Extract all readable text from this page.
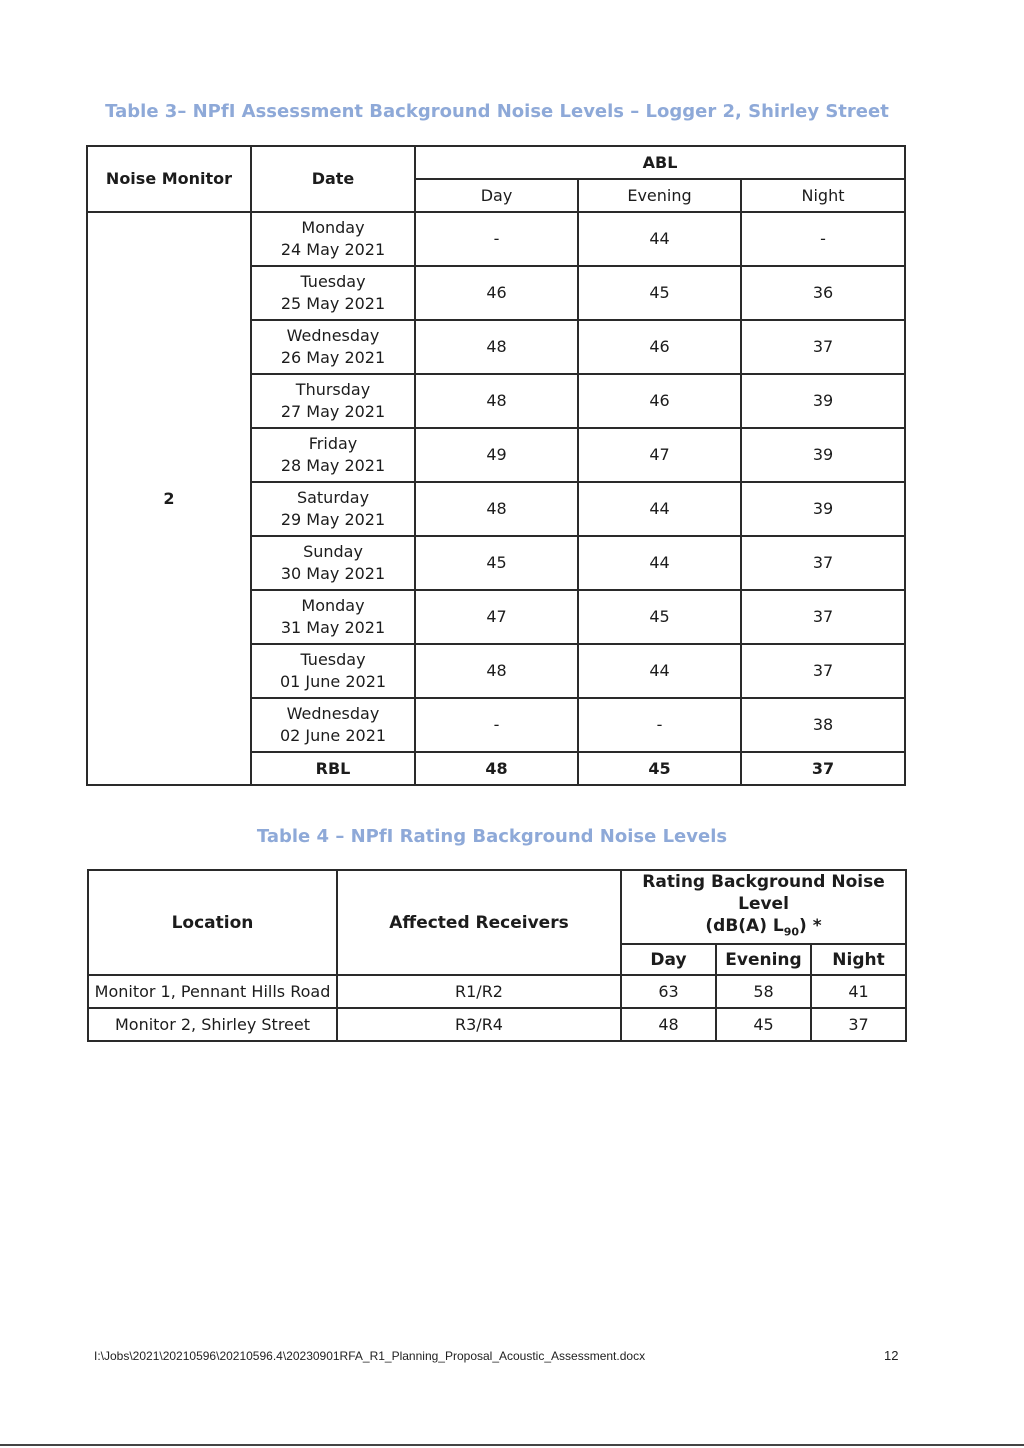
Table 3– NPfI Assessment Background Noise Levels – Logger 2, Shirley Street
Noise Monitor	Date	ABL		
		Day	Evening	Night
2	Monday
24 May 2021	-	44	-
	Tuesday
25 May 2021	46	45	36
	Wednesday
26 May 2021	48	46	37
	Thursday
27 May 2021	48	46	39
	Friday
28 May 2021	49	47	39
	Saturday
29 May 2021	48	44	39
	Sunday
30 May 2021	45	44	37
	Monday
31 May 2021	47	45	37
	Tuesday
01 June 2021	48	44	37
	Wednesday
02 June 2021	-	-	38
	RBL	48	45	37
Table 4 – NPfI Rating Background Noise Levels
Location	Affected Receivers	Rating Background Noise Level
(dB(A) $L_{90}$) *		
		Day	Evening	Night
Monitor 1, Pennant Hills Road	R1/R2	63	58	41
Monitor 2, Shirley Street	R3/R4	48	45	37
I:\Jobs\2021\20210596\20210596.4\20230901RFA_R1_Planning_Proposal_Acoustic_Assessment.docx	12
